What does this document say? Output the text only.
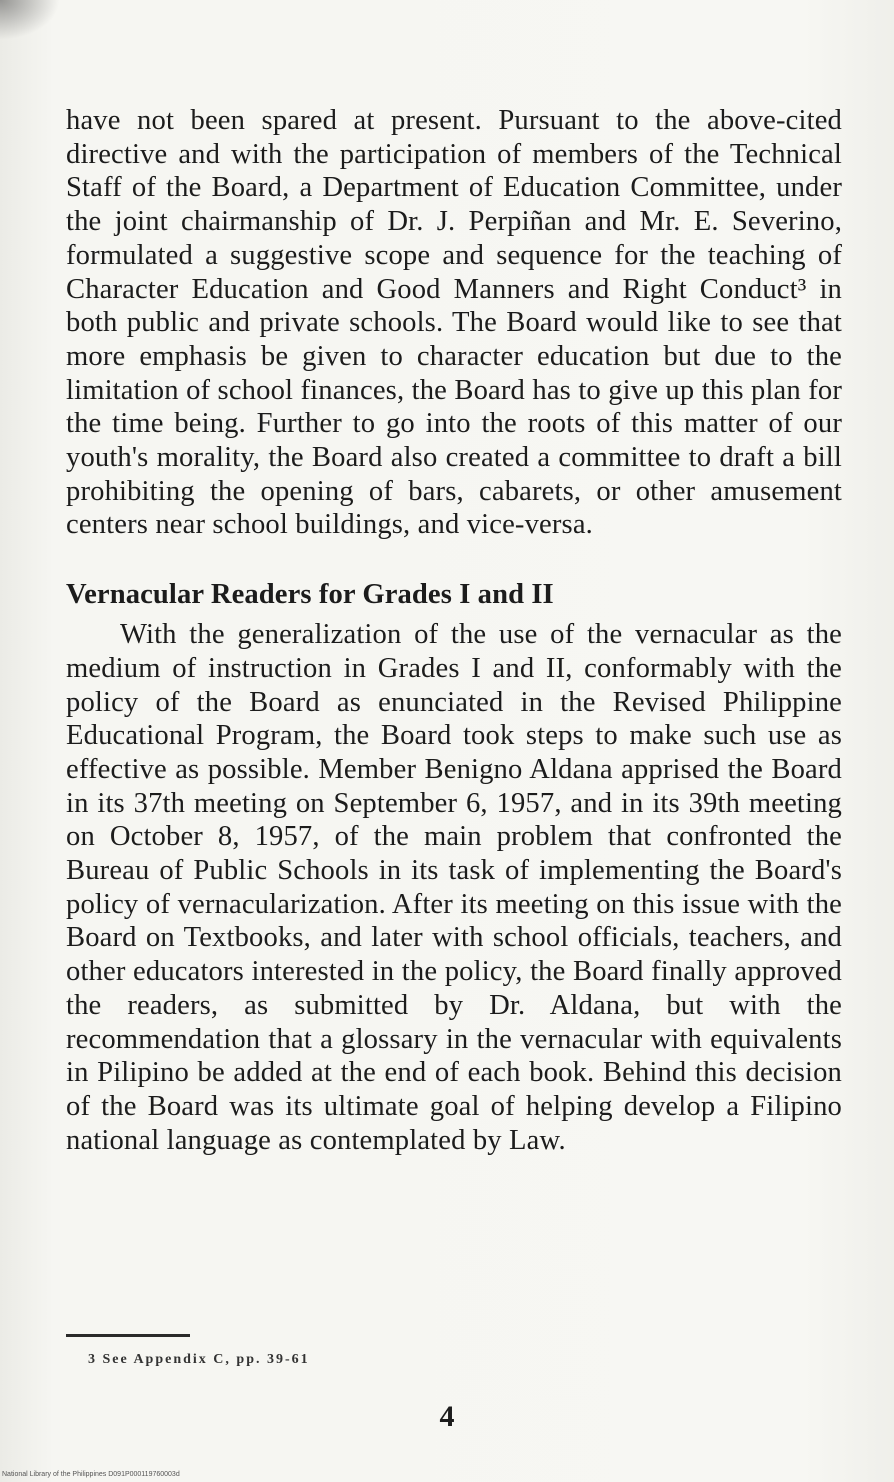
have not been spared at present. Pursuant to the above-cited directive and with the participation of members of the Technical Staff of the Board, a Department of Education Committee, under the joint chairmanship of Dr. J. Perpiñan and Mr. E. Severino, formulated a suggestive scope and sequence for the teaching of Character Education and Good Manners and Right Conduct³ in both public and private schools. The Board would like to see that more emphasis be given to character education but due to the limitation of school finances, the Board has to give up this plan for the time being. Further to go into the roots of this matter of our youth's morality, the Board also created a committee to draft a bill prohibiting the opening of bars, cabarets, or other amusement centers near school buildings, and vice-versa.

Vernacular Readers for Grades I and II

With the generalization of the use of the vernacular as the medium of instruction in Grades I and II, conformably with the policy of the Board as enunciated in the Revised Philippine Educational Program, the Board took steps to make such use as effective as possible. Member Benigno Aldana apprised the Board in its 37th meeting on September 6, 1957, and in its 39th meeting on October 8, 1957, of the main problem that confronted the Bureau of Public Schools in its task of implementing the Board's policy of vernacularization. After its meeting on this issue with the Board on Textbooks, and later with school officials, teachers, and other educators interested in the policy, the Board finally approved the readers, as submitted by Dr. Aldana, but with the recommendation that a glossary in the vernacular with equivalents in Pilipino be added at the end of each book. Behind this decision of the Board was its ultimate goal of helping develop a Filipino national language as contemplated by Law.

3 See Appendix C, pp. 39-61
4
National Library of the Philippines D091P000119760003d
